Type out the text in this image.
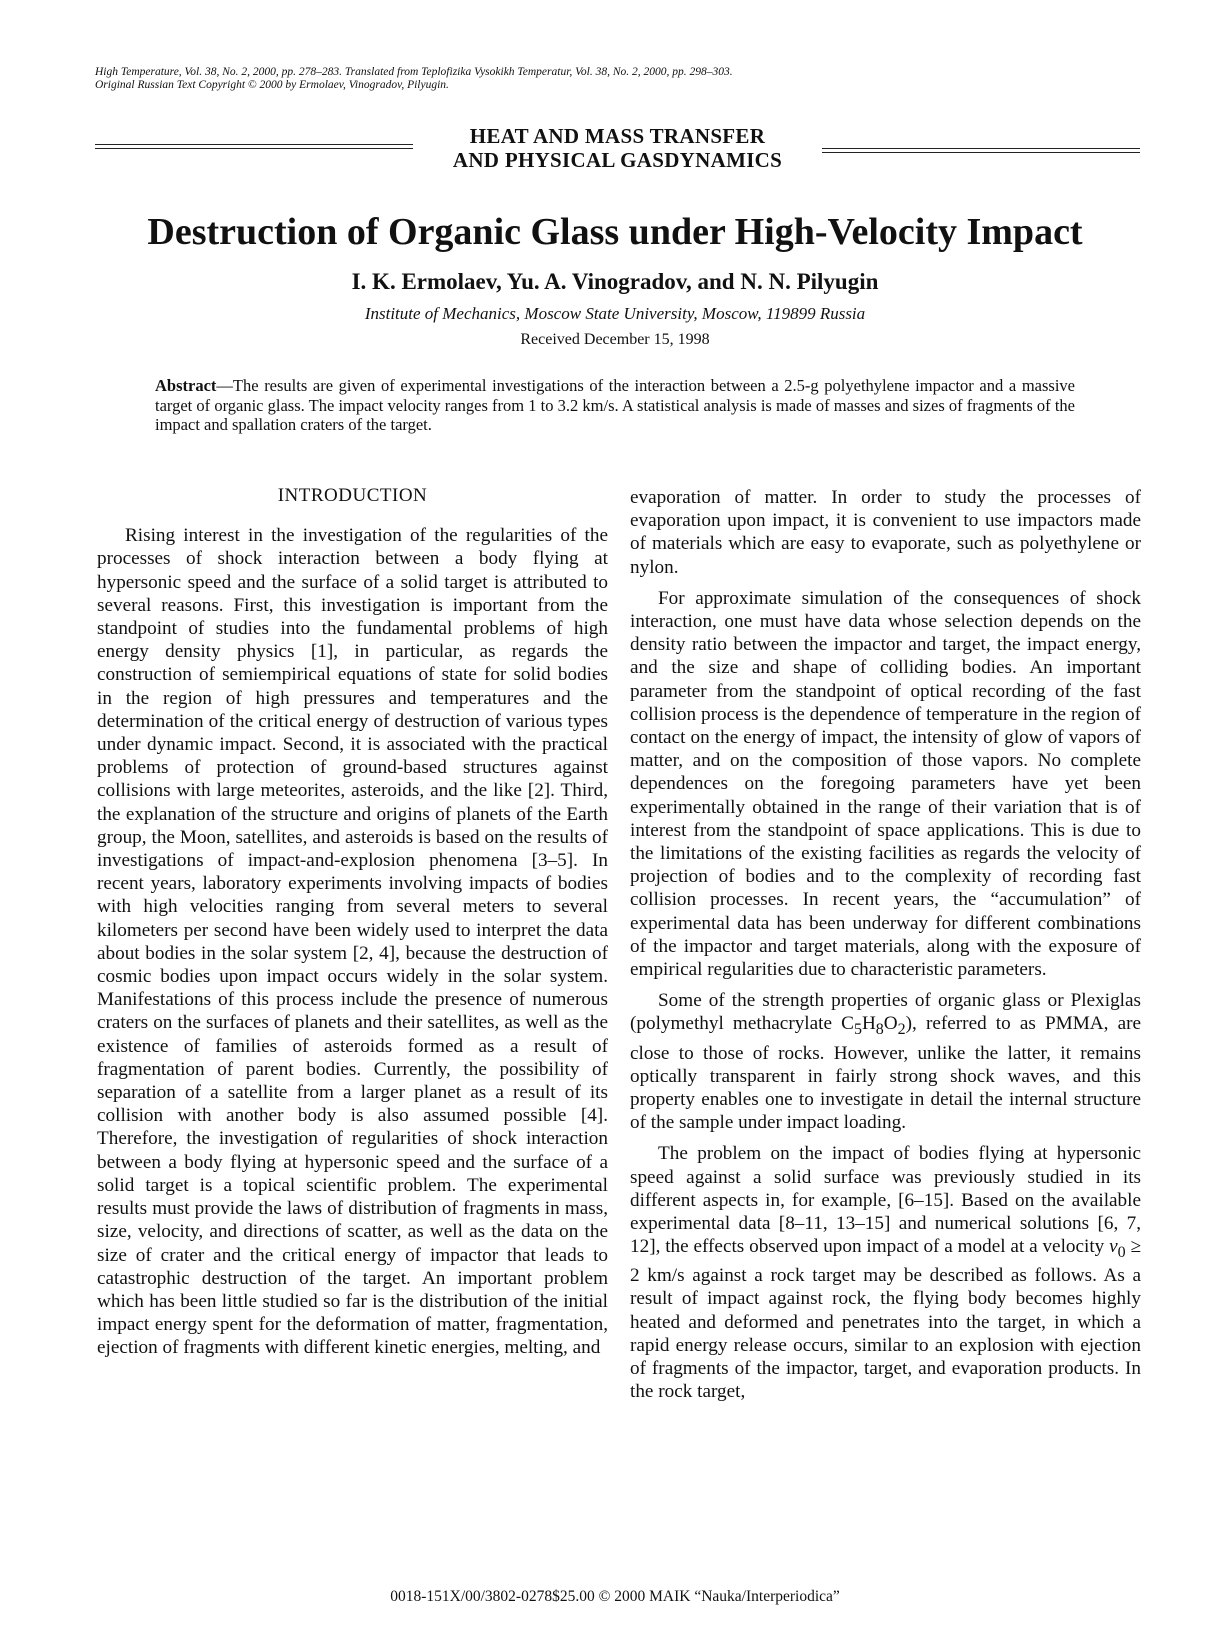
High Temperature, Vol. 38, No. 2, 2000, pp. 278–283. Translated from Teplofizika Vysokikh Temperatur, Vol. 38, No. 2, 2000, pp. 298–303.
Original Russian Text Copyright © 2000 by Ermolaev, Vinogradov, Pilyugin.
HEAT AND MASS TRANSFER
AND PHYSICAL GASDYNAMICS
Destruction of Organic Glass under High-Velocity Impact
I. K. Ermolaev, Yu. A. Vinogradov, and N. N. Pilyugin
Institute of Mechanics, Moscow State University, Moscow, 119899 Russia
Received December 15, 1998
Abstract—The results are given of experimental investigations of the interaction between a 2.5-g polyethylene impactor and a massive target of organic glass. The impact velocity ranges from 1 to 3.2 km/s. A statistical analysis is made of masses and sizes of fragments of the impact and spallation craters of the target.
INTRODUCTION

Rising interest in the investigation of the regularities of the processes of shock interaction between a body flying at hypersonic speed and the surface of a solid target is attributed to several reasons. First, this investigation is important from the standpoint of studies into the fundamental problems of high energy density physics [1], in particular, as regards the construction of semiempirical equations of state for solid bodies in the region of high pressures and temperatures and the determination of the critical energy of destruction of various types under dynamic impact. Second, it is associated with the practical problems of protection of ground-based structures against collisions with large meteorites, asteroids, and the like [2]. Third, the explanation of the structure and origins of planets of the Earth group, the Moon, satellites, and asteroids is based on the results of investigations of impact-and-explosion phenomena [3–5]. In recent years, laboratory experiments involving impacts of bodies with high velocities ranging from several meters to several kilometers per second have been widely used to interpret the data about bodies in the solar system [2, 4], because the destruction of cosmic bodies upon impact occurs widely in the solar system. Manifestations of this process include the presence of numerous craters on the surfaces of planets and their satellites, as well as the existence of families of asteroids formed as a result of fragmentation of parent bodies. Currently, the possibility of separation of a satellite from a larger planet as a result of its collision with another body is also assumed possible [4]. Therefore, the investigation of regularities of shock interaction between a body flying at hypersonic speed and the surface of a solid target is a topical scientific problem. The experimental results must provide the laws of distribution of fragments in mass, size, velocity, and directions of scatter, as well as the data on the size of crater and the critical energy of impactor that leads to catastrophic destruction of the target. An important problem which has been little studied so far is the distribution of the initial impact energy spent for the deformation of matter, fragmentation, ejection of fragments with different kinetic energies, melting, and

evaporation of matter. In order to study the processes of evaporation upon impact, it is convenient to use impactors made of materials which are easy to evaporate, such as polyethylene or nylon.

For approximate simulation of the consequences of shock interaction, one must have data whose selection depends on the density ratio between the impactor and target, the impact energy, and the size and shape of colliding bodies. An important parameter from the standpoint of optical recording of the fast collision process is the dependence of temperature in the region of contact on the energy of impact, the intensity of glow of vapors of matter, and on the composition of those vapors. No complete dependences on the foregoing parameters have yet been experimentally obtained in the range of their variation that is of interest from the standpoint of space applications. This is due to the limitations of the existing facilities as regards the velocity of projection of bodies and to the complexity of recording fast collision processes. In recent years, the “accumulation” of experimental data has been underway for different combinations of the impactor and target materials, along with the exposure of empirical regularities due to characteristic parameters.

Some of the strength properties of organic glass or Plexiglas (polymethyl methacrylate $C_5H_8O_2$), referred to as PMMA, are close to those of rocks. However, unlike the latter, it remains optically transparent in fairly strong shock waves, and this property enables one to investigate in detail the internal structure of the sample under impact loading.

The problem on the impact of bodies flying at hypersonic speed against a solid surface was previously studied in its different aspects in, for example, [6–15]. Based on the available experimental data [8–11, 13–15] and numerical solutions [6, 7, 12], the effects observed upon impact of a model at a velocity $v_0 \ge 2$ km/s against a rock target may be described as follows. As a result of impact against rock, the flying body becomes highly heated and deformed and penetrates into the target, in which a rapid energy release occurs, similar to an explosion with ejection of fragments of the impactor, target, and evaporation products. In the rock target,

0018-151X/00/3802-0278$25.00 © 2000 MAIK “Nauka/Interperiodica”
